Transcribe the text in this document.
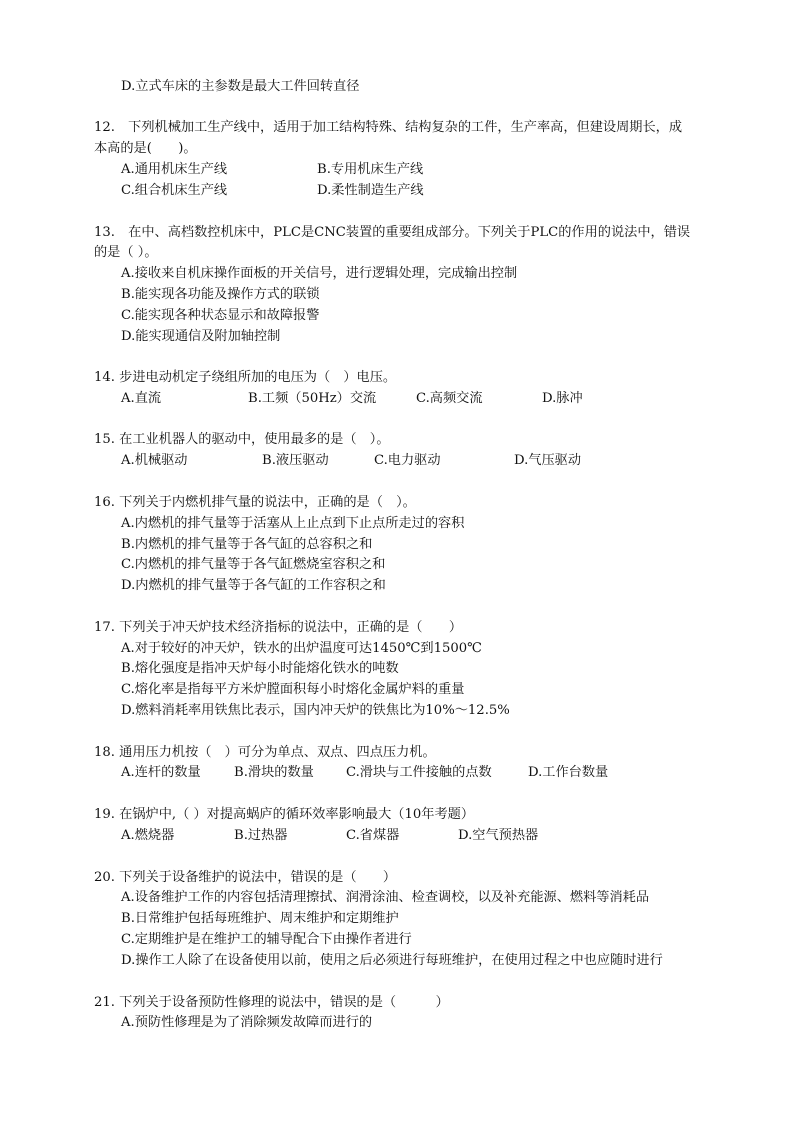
D.立式车床的主参数是最大工件回转直径
12.　下列机械加工生产线中，适用于加工结构特殊、结构复杂的工件，生产率高，但建设周期长，成
本高的是(　　)。
A.通用机床生产线	B.专用机床生产线
C.组合机床生产线	D.柔性制造生产线
13.　在中、高档数控机床中，PLC是CNC装置的重要组成部分。下列关于PLC的作用的说法中，错误
的是（ ）。
A.接收来自机床操作面板的开关信号，进行逻辑处理，完成输出控制
B.能实现各功能及操作方式的联锁
C.能实现各种状态显示和故障报警
D.能实现通信及附加轴控制
14. 步进电动机定子绕组所加的电压为（　）电压。
A.直流	B.工频（50Hz）交流	C.高频交流	D.脉冲
15. 在工业机器人的驱动中，使用最多的是（　）。
A.机械驱动	B.液压驱动	C.电力驱动	D.气压驱动
16. 下列关于内燃机排气量的说法中，正确的是（　）。
A.内燃机的排气量等于活塞从上止点到下止点所走过的容积
B.内燃机的排气量等于各气缸的总容积之和
C.内燃机的排气量等于各气缸燃烧室容积之和
D.内燃机的排气量等于各气缸的工作容积之和
17. 下列关于冲天炉技术经济指标的说法中，正确的是（　　）
A.对于较好的冲天炉，铁水的出炉温度可达1450℃到1500℃
B.熔化强度是指冲天炉每小时能熔化铁水的吨数
C.熔化率是指每平方米炉膛面积每小时熔化金属炉料的重量
D.燃料消耗率用铁焦比表示，国内冲天炉的铁焦比为10%～12.5%
18. 通用压力机按（　）可分为单点、双点、四点压力机。
A.连杆的数量	B.滑块的数量 C.滑块与工件接触的点数	D.工作台数量
19. 在锅炉中,（ ）对提高蜗庐的循环效率影响最大（10年考题）
A.燃烧器	B.过热器	C.省煤器	D.空气预热器
20. 下列关于设备维护的说法中，错误的是（　　）
A.设备维护工作的内容包括清理擦拭、润滑涂油、检查调校，以及补充能源、燃料等消耗品
B.日常维护包括每班维护、周末维护和定期维护
C.定期维护是在维护工的辅导配合下由操作者进行
D.操作工人除了在设备使用以前，使用之后必须进行每班维护，在使用过程之中也应随时进行
21. 下列关于设备预防性修理的说法中，错误的是（　　　）
A.预防性修理是为了消除频发故障而进行的
